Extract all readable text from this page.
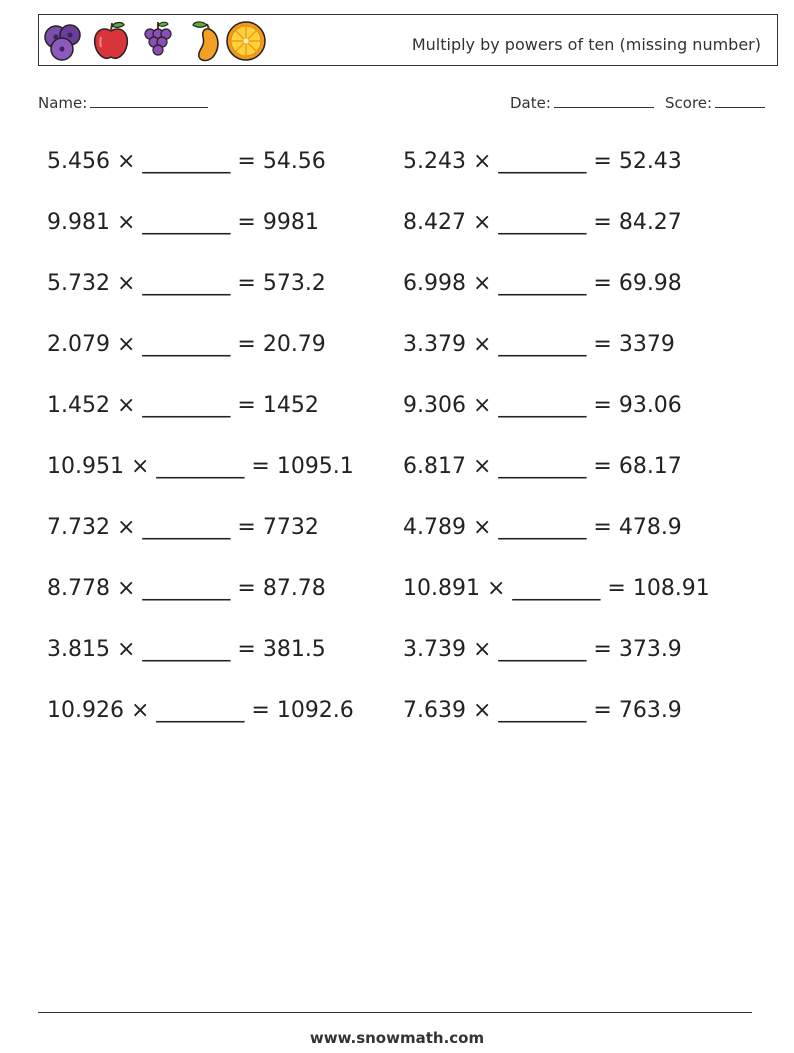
Multiply by powers of ten (missing number)
Name:	Date:	Score:
5.456 × ________ = 54.56
9.981 × ________ = 9981
5.732 × ________ = 573.2
2.079 × ________ = 20.79
1.452 × ________ = 1452
10.951 × ________ = 1095.1
7.732 × ________ = 7732
8.778 × ________ = 87.78
3.815 × ________ = 381.5
10.926 × ________ = 1092.6
5.243 × ________ = 52.43
8.427 × ________ = 84.27
6.998 × ________ = 69.98
3.379 × ________ = 3379
9.306 × ________ = 93.06
6.817 × ________ = 68.17
4.789 × ________ = 478.9
10.891 × ________ = 108.91
3.739 × ________ = 373.9
7.639 × ________ = 763.9
www.snowmath.com
